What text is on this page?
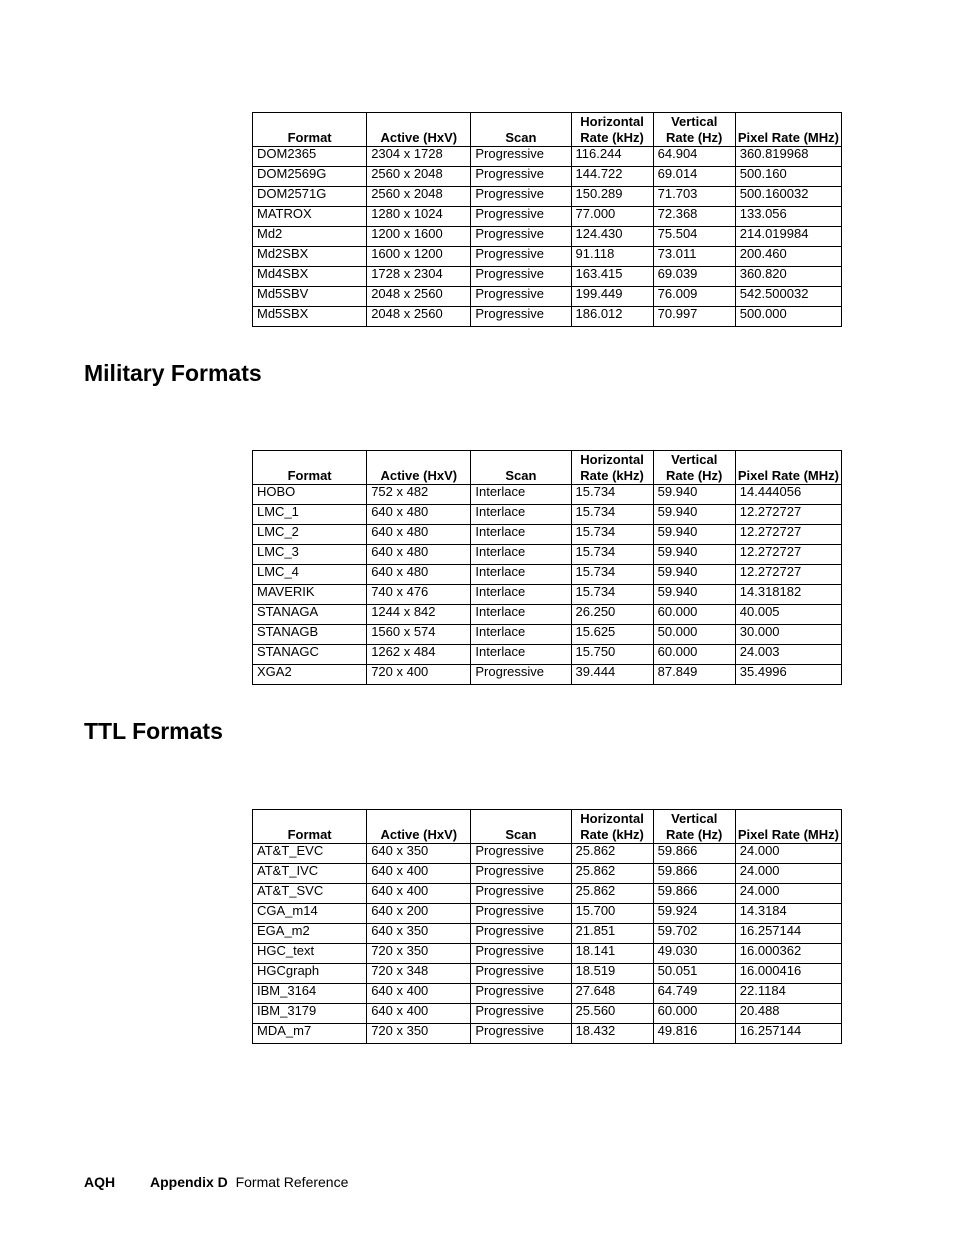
Format	Active (HxV)	Scan	Horizontal Rate (kHz)	Vertical Rate (Hz)	Pixel Rate (MHz)
DOM2365	2304 x 1728	Progressive	116.244	64.904	360.819968
DOM2569G	2560 x 2048	Progressive	144.722	69.014	500.160
DOM2571G	2560 x 2048	Progressive	150.289	71.703	500.160032
MATROX	1280 x 1024	Progressive	77.000	72.368	133.056
Md2	1200 x 1600	Progressive	124.430	75.504	214.019984
Md2SBX	1600 x 1200	Progressive	91.118	73.011	200.460
Md4SBX	1728 x 2304	Progressive	163.415	69.039	360.820
Md5SBV	2048 x 2560	Progressive	199.449	76.009	542.500032
Md5SBX	2048 x 2560	Progressive	186.012	70.997	500.000
Military Formats
Format	Active (HxV)	Scan	Horizontal Rate (kHz)	Vertical Rate (Hz)	Pixel Rate (MHz)
HOBO	752 x 482	Interlace	15.734	59.940	14.444056
LMC_1	640 x 480	Interlace	15.734	59.940	12.272727
LMC_2	640 x 480	Interlace	15.734	59.940	12.272727
LMC_3	640 x 480	Interlace	15.734	59.940	12.272727
LMC_4	640 x 480	Interlace	15.734	59.940	12.272727
MAVERIK	740 x 476	Interlace	15.734	59.940	14.318182
STANAGA	1244 x 842	Interlace	26.250	60.000	40.005
STANAGB	1560 x 574	Interlace	15.625	50.000	30.000
STANAGC	1262 x 484	Interlace	15.750	60.000	24.003
XGA2	720 x 400	Progressive	39.444	87.849	35.4996
TTL Formats
Format	Active (HxV)	Scan	Horizontal Rate (kHz)	Vertical Rate (Hz)	Pixel Rate (MHz)
AT&T_EVC	640 x 350	Progressive	25.862	59.866	24.000
AT&T_IVC	640 x 400	Progressive	25.862	59.866	24.000
AT&T_SVC	640 x 400	Progressive	25.862	59.866	24.000
CGA_m14	640 x 200	Progressive	15.700	59.924	14.3184
EGA_m2	640 x 350	Progressive	21.851	59.702	16.257144
HGC_text	720 x 350	Progressive	18.141	49.030	16.000362
HGCgraph	720 x 348	Progressive	18.519	50.051	16.000416
IBM_3164	640 x 400	Progressive	27.648	64.749	22.1184
IBM_3179	640 x 400	Progressive	25.560	60.000	20.488
MDA_m7	720 x 350	Progressive	18.432	49.816	16.257144
AQH Appendix D Format Reference
